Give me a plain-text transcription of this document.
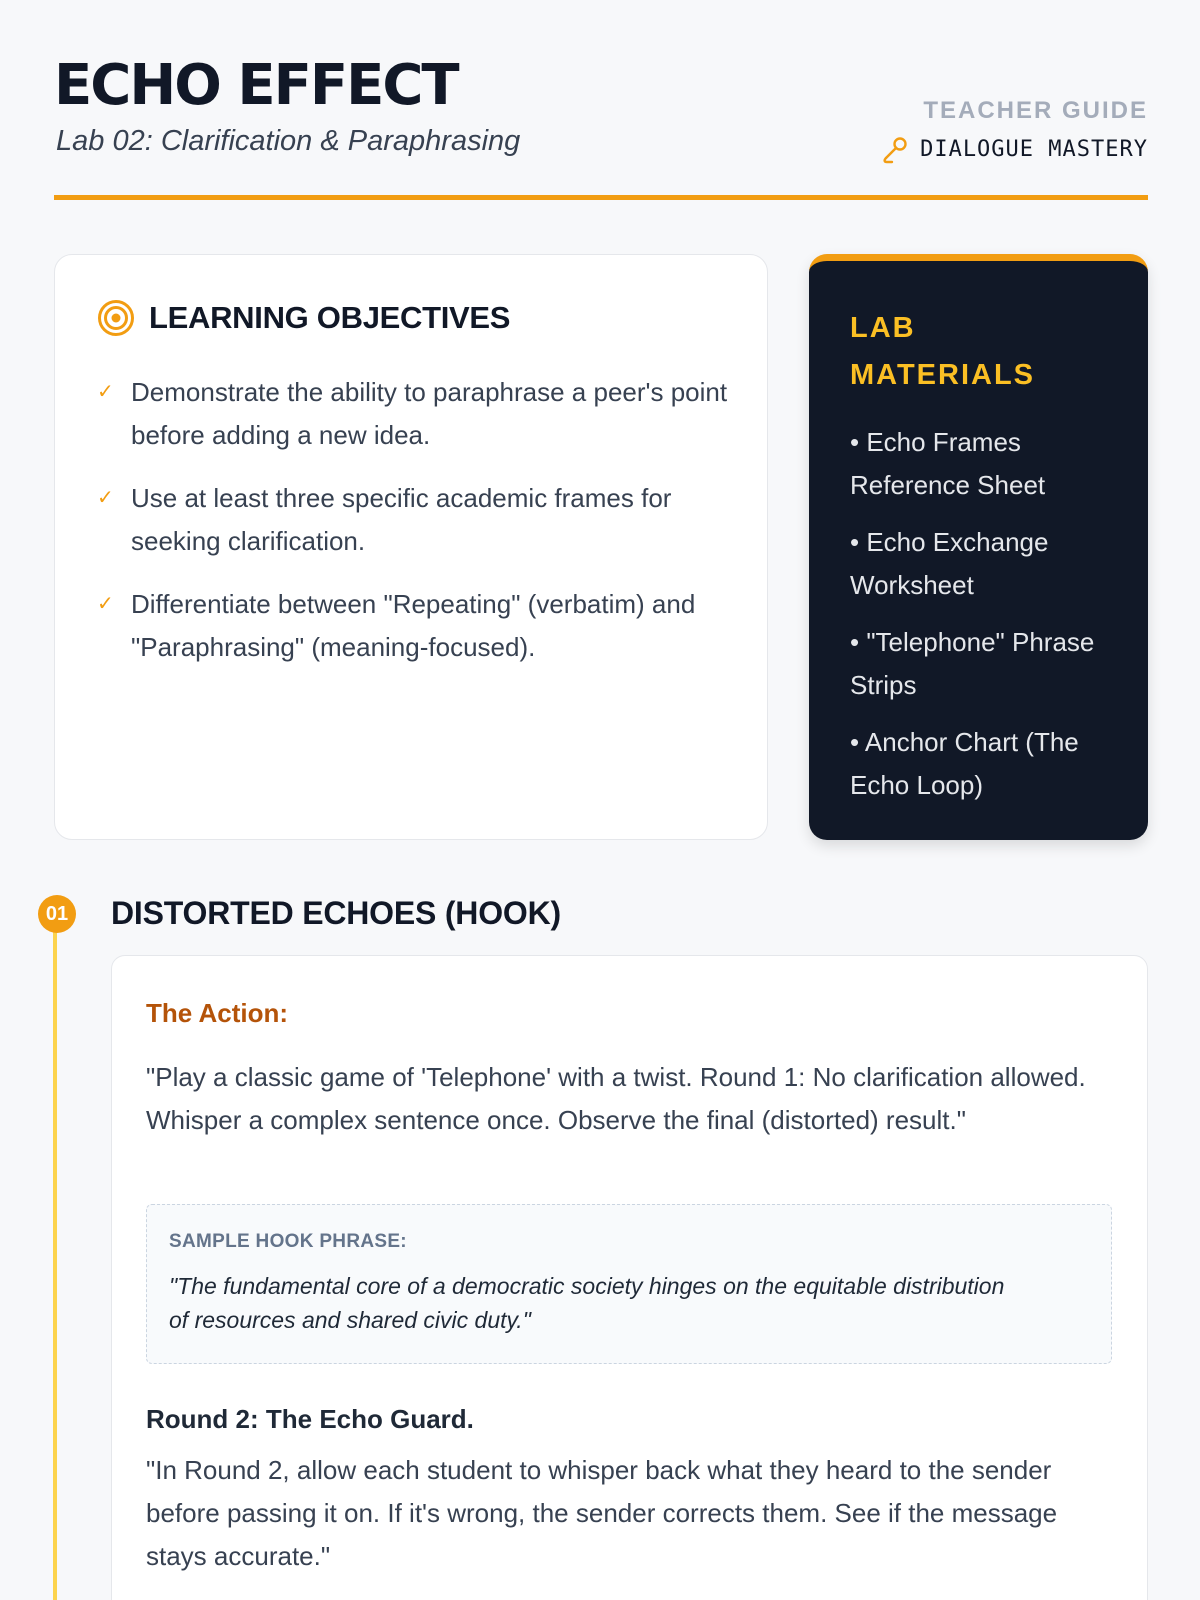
ECHO EFFECT
Lab 02: Clarification & Paraphrasing
TEACHER GUIDE
DIALOGUE MASTERY
LEARNING OBJECTIVES
✓ Demonstrate the ability to paraphrase a peer's point before adding a new idea.
✓ Use at least three specific academic frames for seeking clarification.
✓ Differentiate between "Repeating" (verbatim) and "Paraphrasing" (meaning-focused).
LAB MATERIALS
• Echo Frames Reference Sheet
• Echo Exchange Worksheet
• "Telephone" Phrase Strips
• Anchor Chart (The Echo Loop)
01 DISTORTED ECHOES (HOOK)
The Action:

"Play a classic game of 'Telephone' with a twist. Round 1: No clarification allowed. Whisper a complex sentence once. Observe the final (distorted) result."

SAMPLE HOOK PHRASE:

"The fundamental core of a democratic society hinges on the equitable distribution of resources and shared civic duty."

Round 2: The Echo Guard.

"In Round 2, allow each student to whisper back what they heard to the sender before passing it on. If it's wrong, the sender corrects them. See if the message stays accurate."
